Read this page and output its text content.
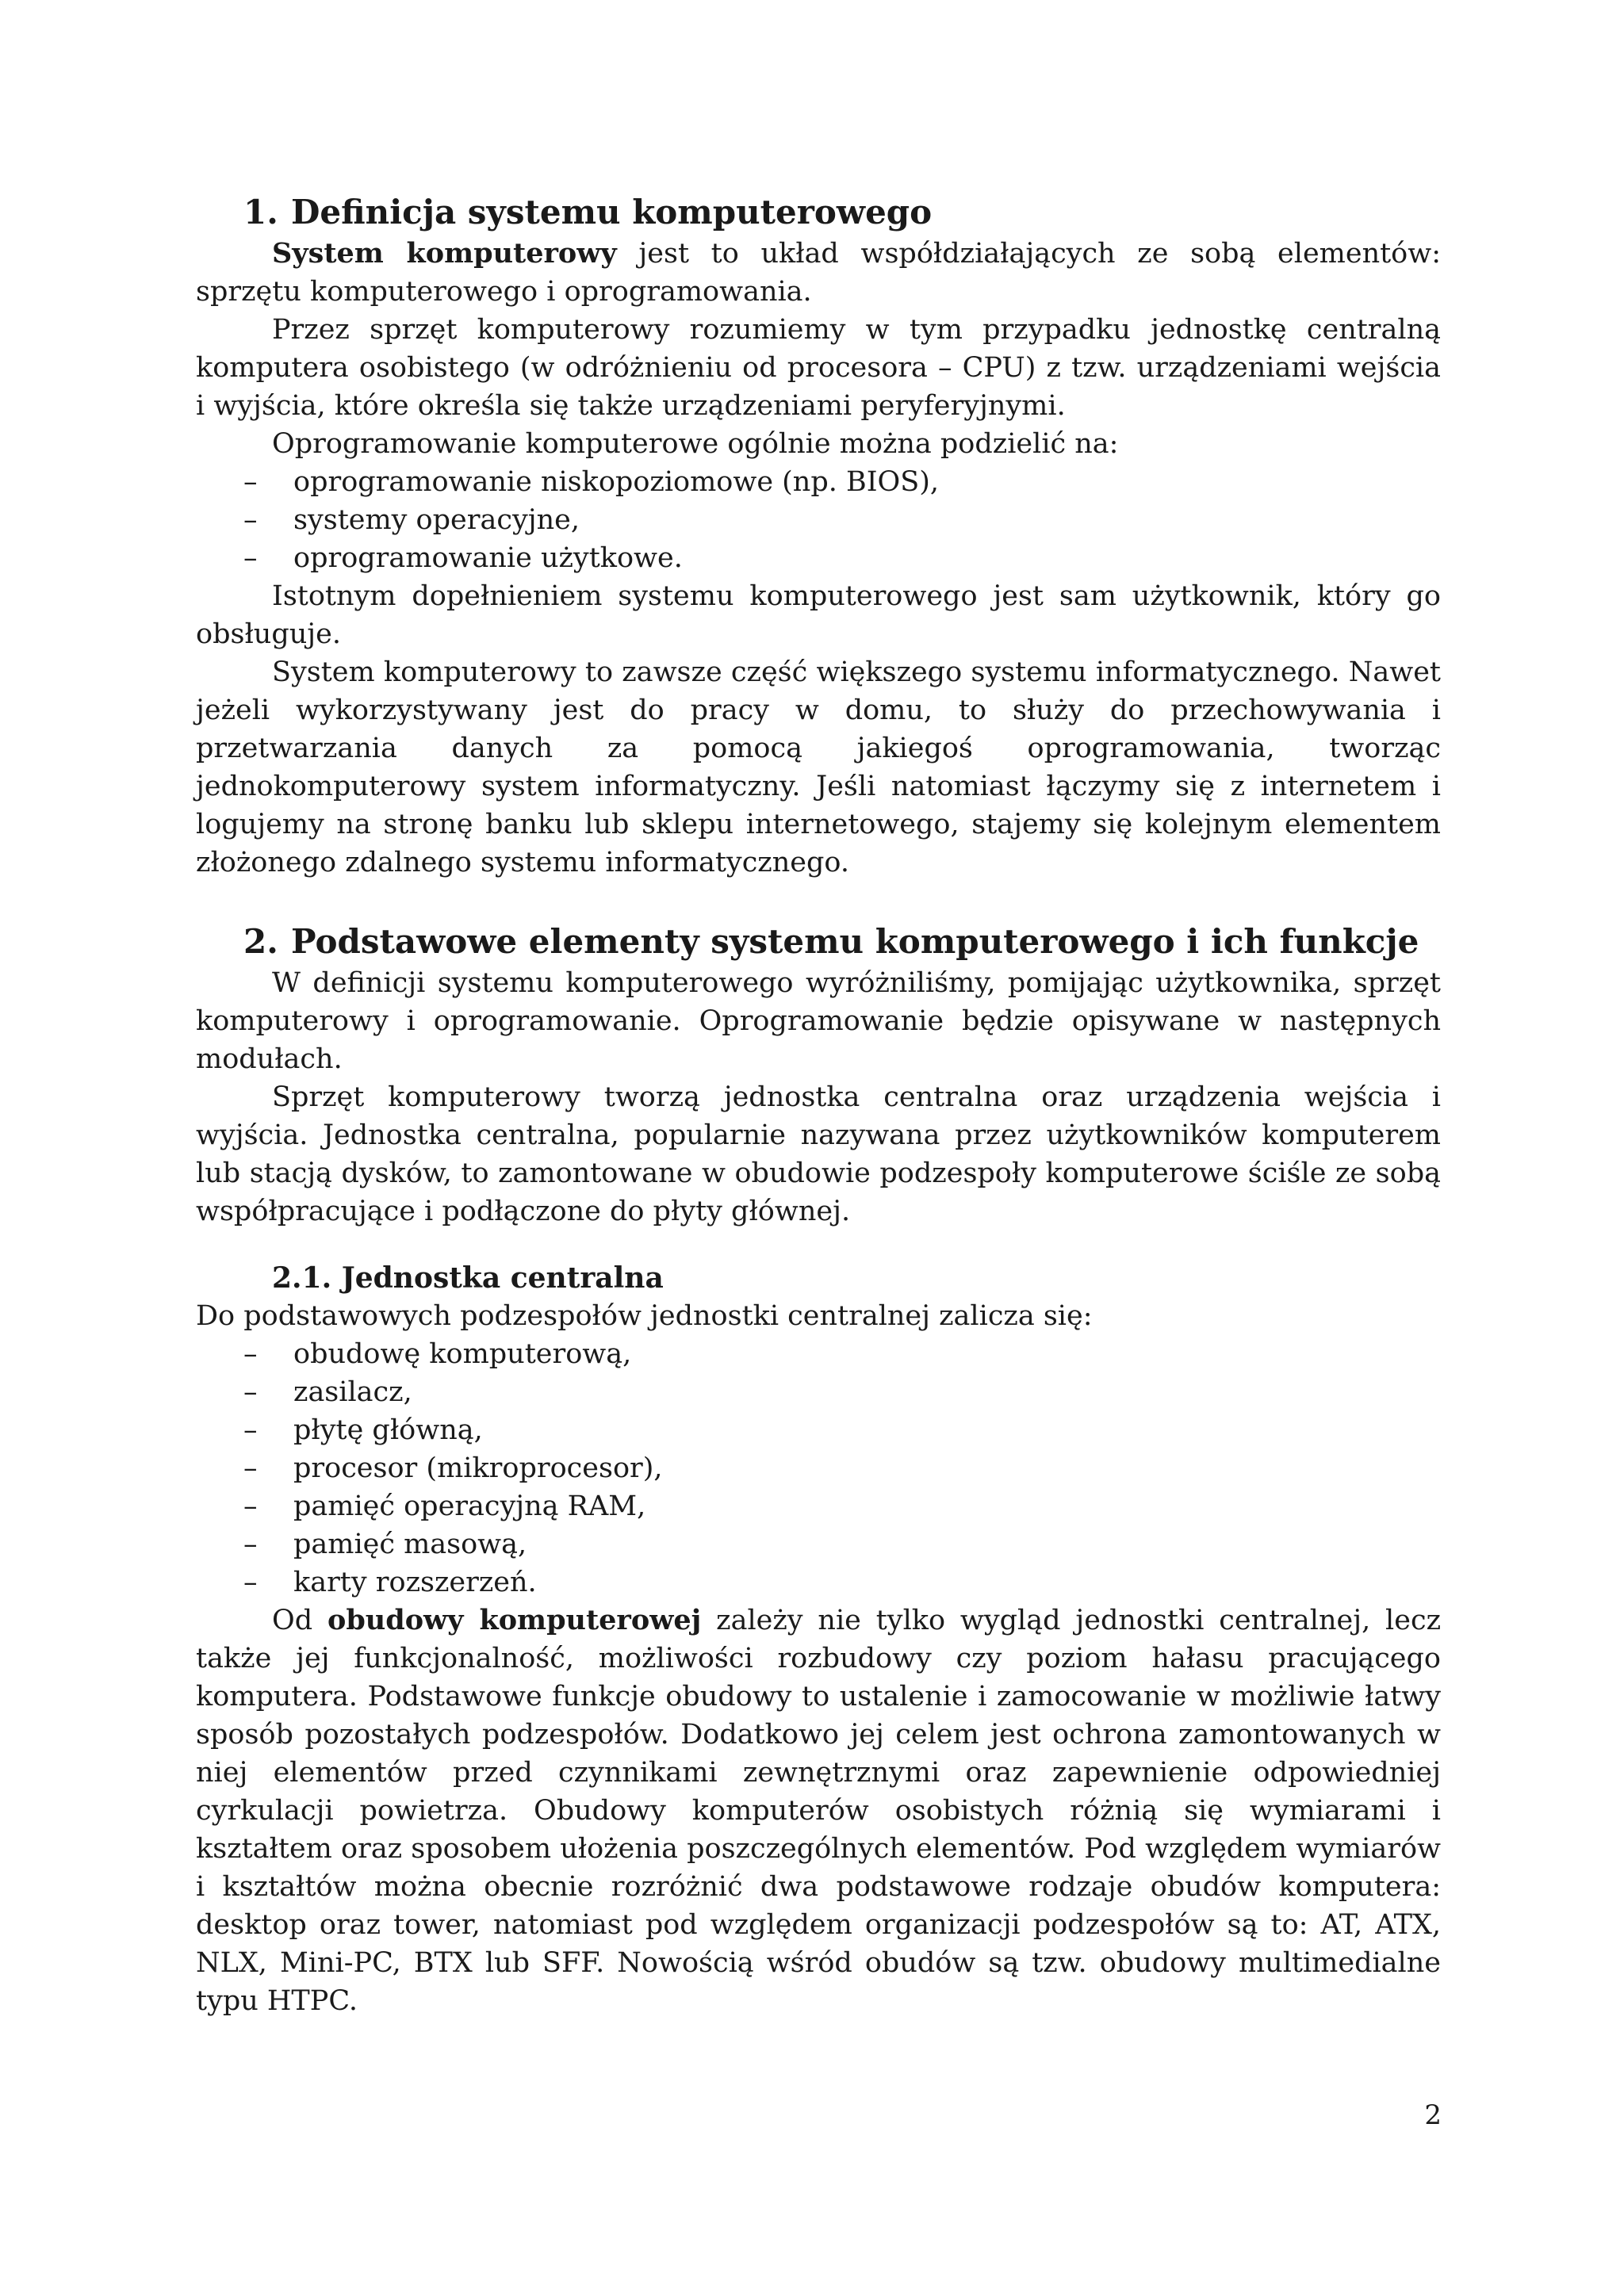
1. Definicja systemu komputerowego

System komputerowy jest to układ współdziałających ze sobą elementów: sprzętu komputerowego i oprogramowania.

Przez sprzęt komputerowy rozumiemy w tym przypadku jednostkę centralną komputera osobistego (w odróżnieniu od procesora – CPU) z tzw. urządzeniami wejścia i wyjścia, które określa się także urządzeniami peryferyjnymi.

Oprogramowanie komputerowe ogólnie można podzielić na:

– oprogramowanie niskopoziomowe (np. BIOS),
– systemy operacyjne,
– oprogramowanie użytkowe.

Istotnym dopełnieniem systemu komputerowego jest sam użytkownik, który go obsługuje.

System komputerowy to zawsze część większego systemu informatycznego. Nawet jeżeli wykorzystywany jest do pracy w domu, to służy do przechowywania i przetwarzania danych za pomocą jakiegoś oprogramowania, tworząc jednokomputerowy system informatyczny. Jeśli natomiast łączymy się z internetem i logujemy na stronę banku lub sklepu internetowego, stajemy się kolejnym elementem złożonego zdalnego systemu informatycznego.

2. Podstawowe elementy systemu komputerowego i ich funkcje

W definicji systemu komputerowego wyróżniliśmy, pomijając użytkownika, sprzęt komputerowy i oprogramowanie. Oprogramowanie będzie opisywane w następnych modułach.

Sprzęt komputerowy tworzą jednostka centralna oraz urządzenia wejścia i wyjścia. Jednostka centralna, popularnie nazywana przez użytkowników komputerem lub stacją dysków, to zamontowane w obudowie podzespoły komputerowe ściśle ze sobą współpracujące i podłączone do płyty głównej.

2.1. Jednostka centralna

Do podstawowych podzespołów jednostki centralnej zalicza się:

– obudowę komputerową,
– zasilacz,
– płytę główną,
– procesor (mikroprocesor),
– pamięć operacyjną RAM,
– pamięć masową,
– karty rozszerzeń.

Od obudowy komputerowej zależy nie tylko wygląd jednostki centralnej, lecz także jej funkcjonalność, możliwości rozbudowy czy poziom hałasu pracującego komputera. Podstawowe funkcje obudowy to ustalenie i zamocowanie w możliwie łatwy sposób pozostałych podzespołów. Dodatkowo jej celem jest ochrona zamontowanych w niej elementów przed czynnikami zewnętrznymi oraz zapewnienie odpowiedniej cyrkulacji powietrza. Obudowy komputerów osobistych różnią się wymiarami i kształtem oraz sposobem ułożenia poszczególnych elementów. Pod względem wymiarów i kształtów można obecnie rozróżnić dwa podstawowe rodzaje obudów komputera: desktop oraz tower, natomiast pod względem organizacji podzespołów są to: AT, ATX, NLX, Mini-PC, BTX lub SFF. Nowością wśród obudów są tzw. obudowy multimedialne typu HTPC.

2
